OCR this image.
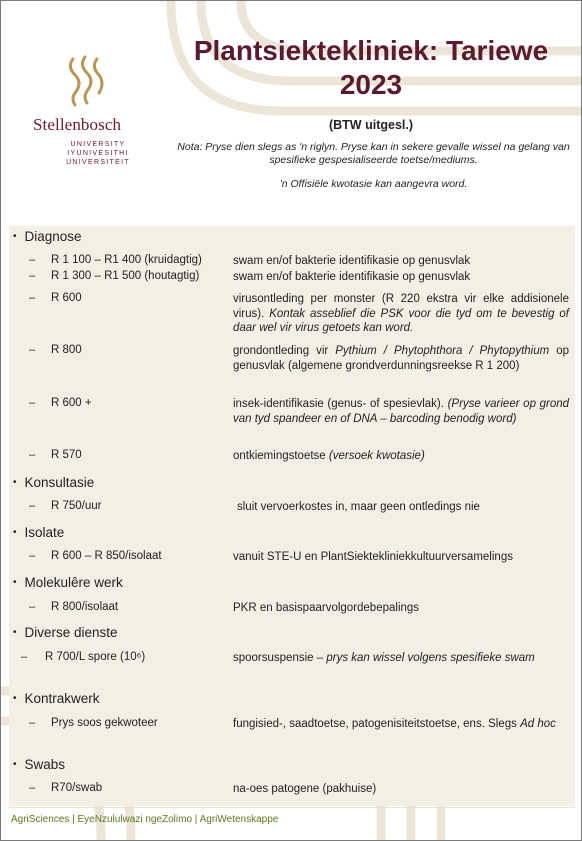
Stellenbosch
UNIVERSITY
IYUNIVESITHI
UNIVERSITEIT
Plantsiektekliniek: Tariewe
2023
(BTW uitgesl.)
Nota: Pryse dien slegs as 'n riglyn. Pryse kan in sekere gevalle wissel na gelang van spesifieke gespesialiseerde toetse/mediums.
'n Offisiële kwotasie kan aangevra word.
• Diagnose
– R 1 100 – R1 400 (kruidagtig)	swam en/of bakterie identifikasie op genusvlak
– R 1 300 – R1 500 (houtagtig)	swam en/of bakterie identifikasie op genusvlak
– R 600	virusontleding per monster (R 220 ekstra vir elke addisionele virus). Kontak asseblief die PSK voor die tyd om te bevestig of daar wel vir virus getoets kan word.
– R 800	grondontleding vir Pythium / Phytophthora / Phytopythium op genusvlak (algemene grondverdunningsreekse R 1 200)
– R 600 +	insek-identifikasie (genus- of spesievlak). (Pryse varieer op grond van tyd spandeer en of DNA – barcoding benodig word)
– R 570	ontkiemingstoetse (versoek kwotasie)
• Konsultasie
– R 750/uur	sluit vervoerkostes in, maar geen ontledings nie
• Isolate
– R 600 – R 850/isolaat	vanuit STE-U en PlantSiektekliniekkultuurversamelings
• Molekulêre werk
– R 800/isolaat	PKR en basispaarvolgordebepalings
• Diverse dienste
– R 700/L spore (10⁶)	spoorsuspensie – prys kan wissel volgens spesifieke swam
• Kontrakwerk
– Prys soos gekwoteer	fungisied-, saadtoetse, patogenisiteitstoetse, ens. Slegs Ad hoc
• Swabs
– R70/swab	na-oes patogene (pakhuise)
AgriSciences | EyeNzululwazi ngeZolimo | AgriWetenskappe
